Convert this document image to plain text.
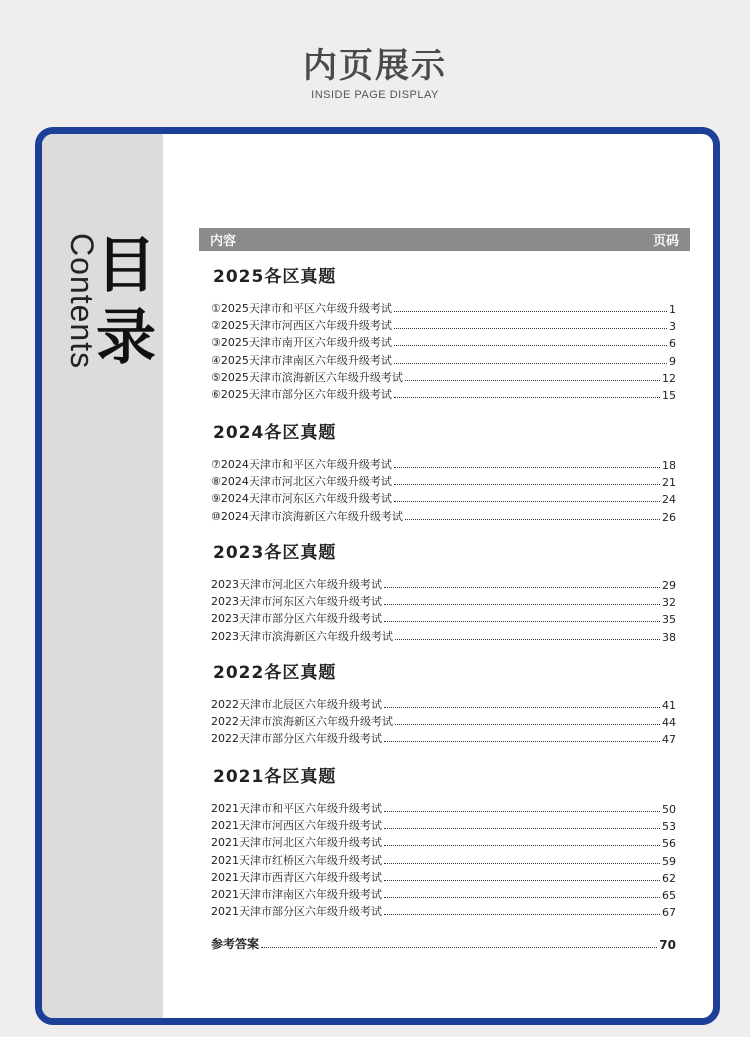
内页展示
INSIDE PAGE DISPLAY
目
录
Contents	内容	页码
2025各区真题
①2025天津市和平区六年级升级考试	1
②2025天津市河西区六年级升级考试	3
③2025天津市南开区六年级升级考试	6
④2025天津市津南区六年级升级考试	9
⑤2025天津市滨海新区六年级升级考试	12
⑥2025天津市部分区六年级升级考试	15
2024各区真题
⑦2024天津市和平区六年级升级考试	18
⑧2024天津市河北区六年级升级考试	21
⑨2024天津市河东区六年级升级考试	24
⑩2024天津市滨海新区六年级升级考试	26
2023各区真题
2023天津市河北区六年级升级考试	29
2023天津市河东区六年级升级考试	32
2023天津市部分区六年级升级考试	35
2023天津市滨海新区六年级升级考试	38
2022各区真题
2022天津市北辰区六年级升级考试	41
2022天津市滨海新区六年级升级考试	44
2022天津市部分区六年级升级考试	47
2021各区真题
2021天津市和平区六年级升级考试	50
2021天津市河西区六年级升级考试	53
2021天津市河北区六年级升级考试	56
2021天津市红桥区六年级升级考试	59
2021天津市西青区六年级升级考试	62
2021天津市津南区六年级升级考试	65
2021天津市部分区六年级升级考试	67
参考答案	70
